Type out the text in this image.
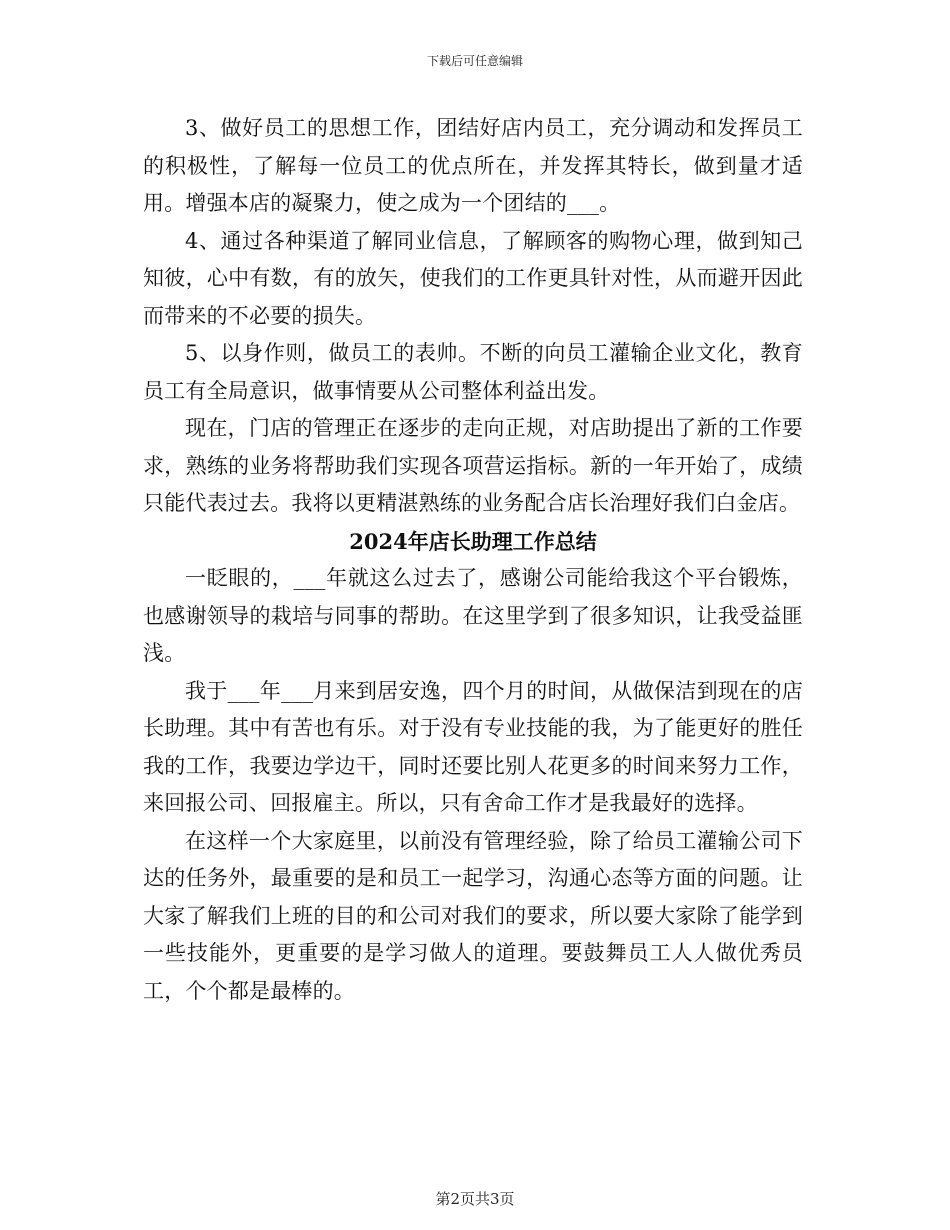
下载后可任意编辑

3、做好员工的思想工作，团结好店内员工，充分调动和发挥员工的积极性，了解每一位员工的优点所在，并发挥其特长，做到量才适用。增强本店的凝聚力，使之成为一个团结的___。

4、通过各种渠道了解同业信息，了解顾客的购物心理，做到知己知彼，心中有数，有的放矢，使我们的工作更具针对性，从而避开因此而带来的不必要的损失。

5、以身作则，做员工的表帅。不断的向员工灌输企业文化，教育员工有全局意识，做事情要从公司整体利益出发。

现在，门店的管理正在逐步的走向正规，对店助提出了新的工作要求，熟练的业务将帮助我们实现各项营运指标。新的一年开始了，成绩只能代表过去。我将以更精湛熟练的业务配合店长治理好我们白金店。

2024年店长助理工作总结

一眨眼的，___年就这么过去了，感谢公司能给我这个平台锻炼，也感谢领导的栽培与同事的帮助。在这里学到了很多知识，让我受益匪浅。

我于___年___月来到居安逸，四个月的时间，从做保洁到现在的店长助理。其中有苦也有乐。对于没有专业技能的我，为了能更好的胜任我的工作，我要边学边干，同时还要比别人花更多的时间来努力工作，来回报公司、回报雇主。所以，只有舍命工作才是我最好的选择。

在这样一个大家庭里，以前没有管理经验，除了给员工灌输公司下达的任务外，最重要的是和员工一起学习，沟通心态等方面的问题。让大家了解我们上班的目的和公司对我们的要求，所以要大家除了能学到一些技能外，更重要的是学习做人的道理。要鼓舞员工人人做优秀员工，个个都是最棒的。

第2页共3页
